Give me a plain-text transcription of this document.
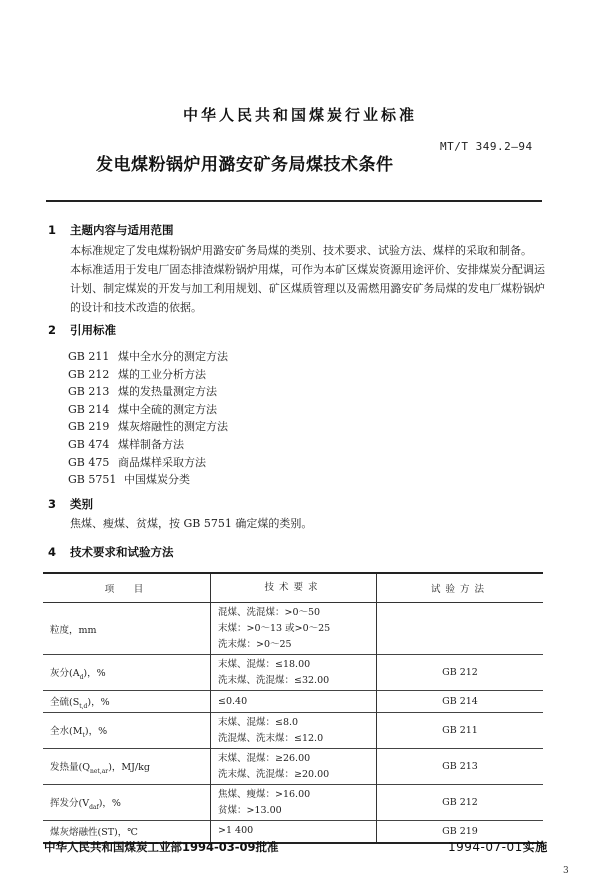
中华人民共和国煤炭行业标准
MT/T 349.2—94
发电煤粉锅炉用潞安矿务局煤技术条件
1 主题内容与适用范围
本标准规定了发电煤粉锅炉用潞安矿务局煤的类别、技术要求、试验方法、煤样的采取和制备。
本标准适用于发电厂固态排渣煤粉锅炉用煤，可作为本矿区煤炭资源用途评价、安排煤炭分配调运计划、制定煤炭的开发与加工利用规划、矿区煤质管理以及需燃用潞安矿务局煤的发电厂煤粉锅炉的设计和技术改造的依据。
2 引用标准
GB 211 煤中全水分的测定方法
GB 212 煤的工业分析方法
GB 213 煤的发热量测定方法
GB 214 煤中全硫的测定方法
GB 219 煤灰熔融性的测定方法
GB 474 煤样制备方法
GB 475 商品煤样采取方法
GB 5751 中国煤炭分类
3 类别
焦煤、瘦煤、贫煤，按 GB 5751 确定煤的类别。
4 技术要求和试验方法
项　目	技术要求	试验方法
粒度，mm	混煤、洗混煤：>0～50
末煤：>0～13 或>0～25
洗末煤：>0～25	

灰分$(A_d)$，%	末煤、混煤：≤18.00
洗末煤、洗混煤：≤32.00	GB 212
全硫$(S_{t,d})$，%	≤0.40	GB 214
全水$(M_t)$，%	末煤、混煤：≤8.0
洗混煤、洗末煤：≤12.0	GB 211
发热量$(Q_{net,ar})$，MJ/kg	末煤、混煤：≥26.00
洗末煤、洗混煤：≥20.00	GB 213
挥发分$(V_{daf})$，%	焦煤、瘦煤：>16.00
贫煤：>13.00	GB 212
煤灰熔融性(ST)，℃	>1 400	GB 219
中华人民共和国煤炭工业部1994-03-09批准	1994-07-01实施
3
